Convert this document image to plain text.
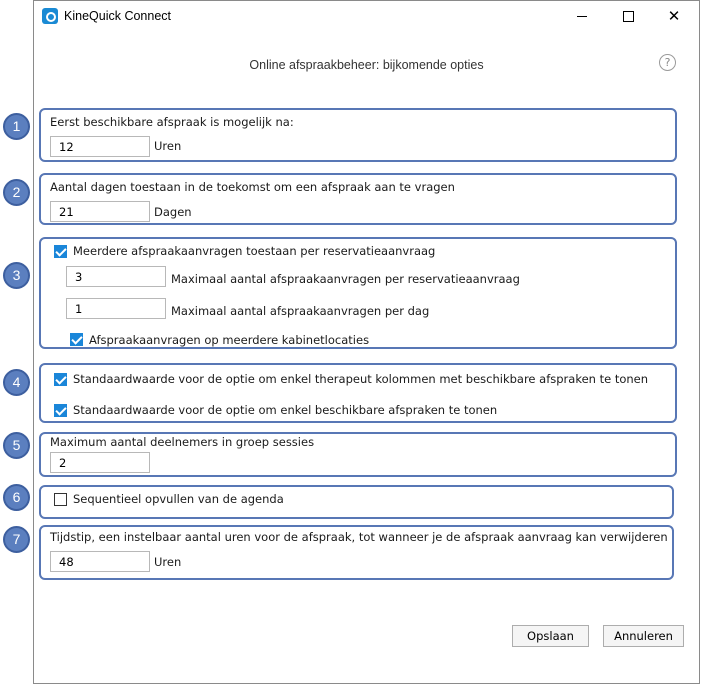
1
2
3
4
5
6
7
KineQuick Connect	✕
Online afspraakbeheer: bijkomende opties	?
Eerst beschikbare afspraak is mogelijk na:
12
Uren
Aantal dagen toestaan in de toekomst om een afspraak aan te vragen
21
Dagen
Meerdere afspraakaanvragen toestaan per reservatieaanvraag
3
Maximaal aantal afspraakaanvragen per reservatieaanvraag
1
Maximaal aantal afspraakaanvragen per dag
Afspraakaanvragen op meerdere kabinetlocaties
Standaardwaarde voor de optie om enkel therapeut kolommen met beschikbare afspraken te tonen
Standaardwaarde voor de optie om enkel beschikbare afspraken te tonen
Maximum aantal deelnemers in groep sessies
2
Sequentieel opvullen van de agenda
Tijdstip, een instelbaar aantal uren voor de afspraak, tot wanneer je de afspraak aanvraag kan verwijderen
48
Uren
Opslaan	Annuleren
